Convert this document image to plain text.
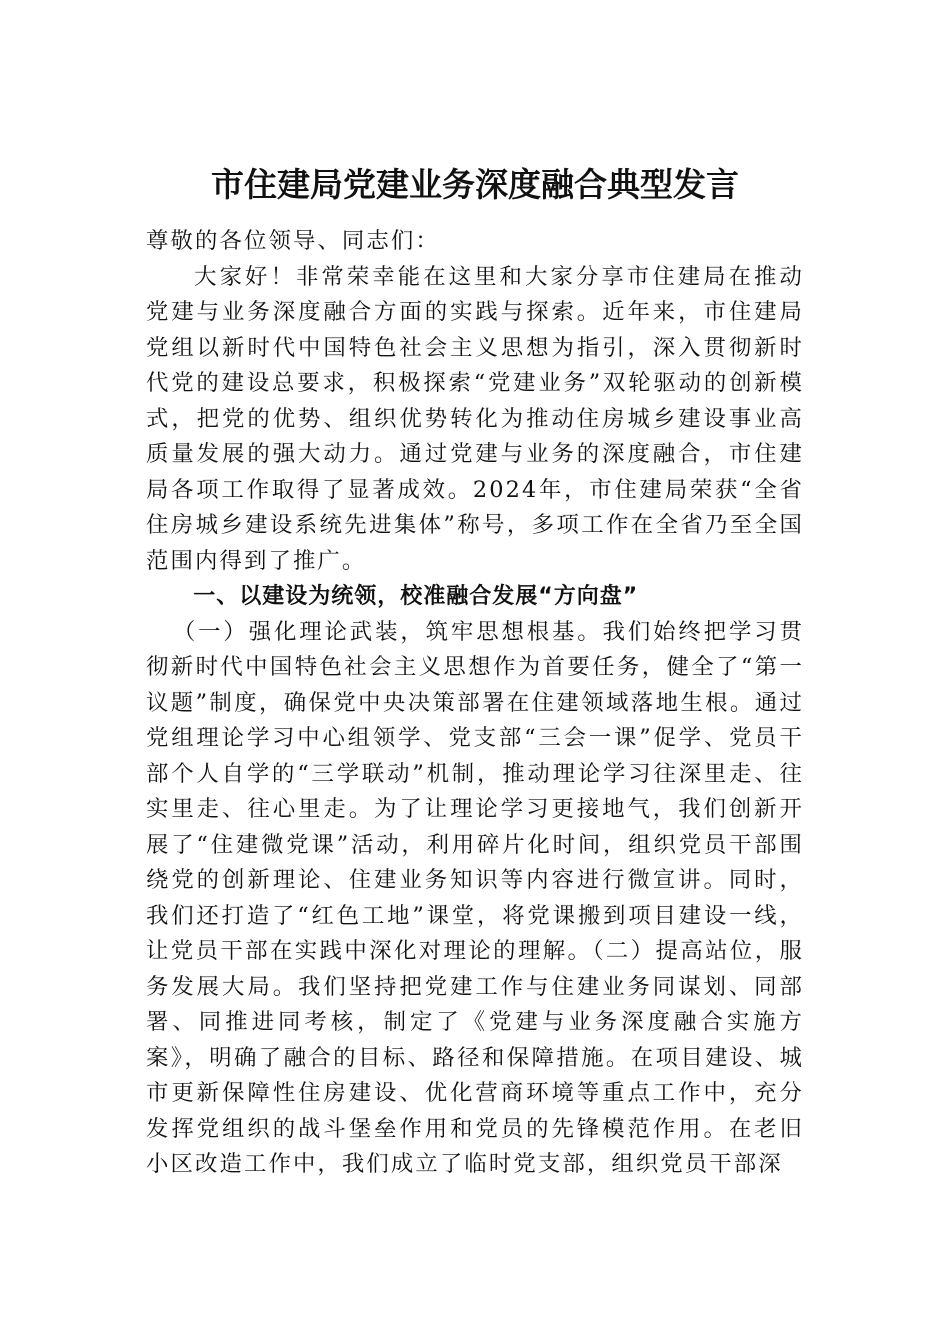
市住建局党建业务深度融合典型发言

尊敬的各位领导、同志们：

大家好！非常荣幸能在这里和大家分享市住建局在推动党建与业务深度融合方面的实践与探索。近年来，市住建局党组以新时代中国特色社会主义思想为指引，深入贯彻新时代党的建设总要求，积极探索“党建业务”双轮驱动的创新模式，把党的优势、组织优势转化为推动住房城乡建设事业高质量发展的强大动力。通过党建与业务的深度融合，市住建局各项工作取得了显著成效。2024年，市住建局荣获“全省住房城乡建设系统先进集体”称号，多项工作在全省乃至全国范围内得到了推广。

一、以建设为统领，校准融合发展“方向盘”

（一）强化理论武装，筑牢思想根基。我们始终把学习贯彻新时代中国特色社会主义思想作为首要任务，健全了“第一议题”制度，确保党中央决策部署在住建领域落地生根。通过党组理论学习中心组领学、党支部“三会一课”促学、党员干部个人自学的“三学联动”机制，推动理论学习往深里走、往实里走、往心里走。为了让理论学习更接地气，我们创新开展了“住建微党课”活动，利用碎片化时间，组织党员干部围绕党的创新理论、住建业务知识等内容进行微宣讲。同时，我们还打造了“红色工地”课堂，将党课搬到项目建设一线，让党员干部在实践中深化对理论的理解。（二）提高站位，服务发展大局。我们坚持把党建工作与住建业务同谋划、同部署、同推进同考核，制定了《党建与业务深度融合实施方案》，明确了融合的目标、路径和保障措施。在项目建设、城市更新保障性住房建设、优化营商环境等重点工作中，充分发挥党组织的战斗堡垒作用和党员的先锋模范作用。在老旧小区改造工作中，我们成立了临时党支部，组织党员干部深
